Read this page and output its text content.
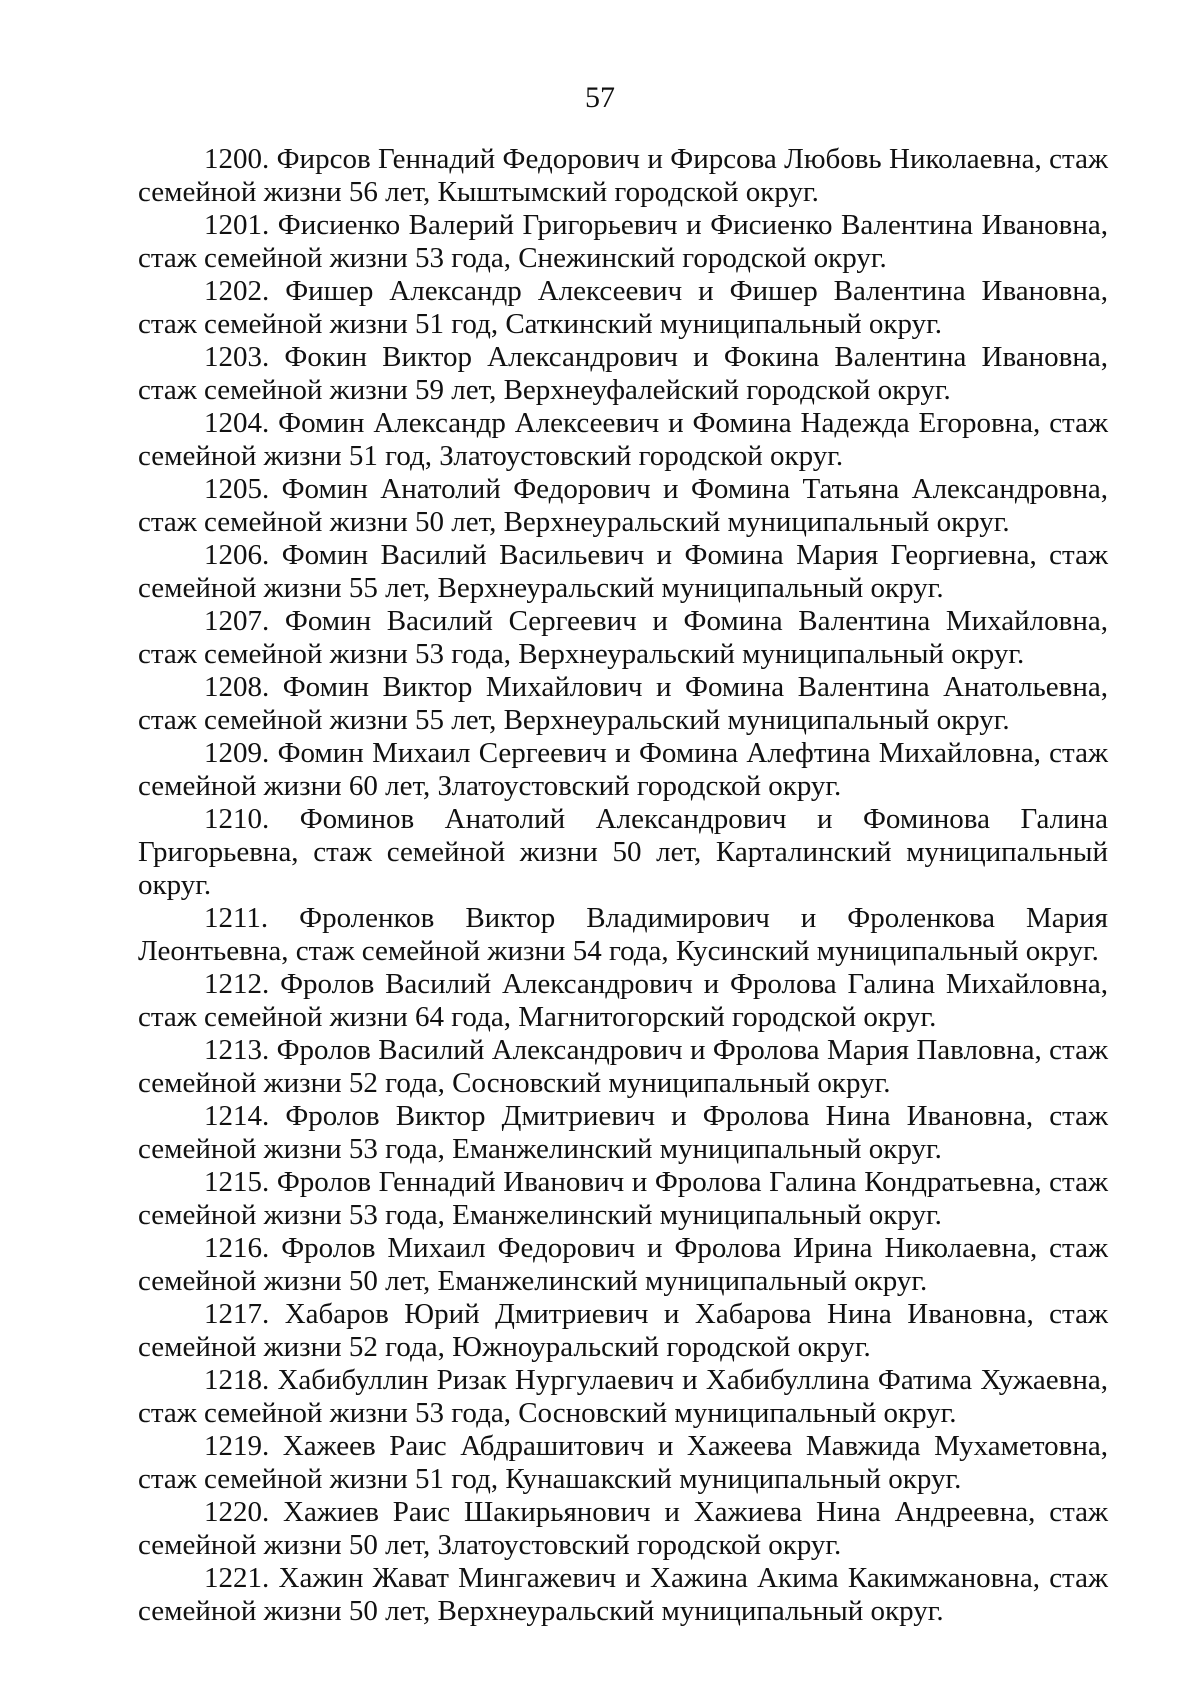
57

1200. Фирсов Геннадий Федорович и Фирсова Любовь Николаевна, стаж семейной жизни 56 лет, Кыштымский городской округ.

1201. Фисиенко Валерий Григорьевич и Фисиенко Валентина Ивановна, стаж семейной жизни 53 года, Снежинский городской округ.

1202. Фишер Александр Алексеевич и Фишер Валентина Ивановна, стаж семейной жизни 51 год, Саткинский муниципальный округ.

1203. Фокин Виктор Александрович и Фокина Валентина Ивановна, стаж семейной жизни 59 лет, Верхнеуфалейский городской округ.

1204. Фомин Александр Алексеевич и Фомина Надежда Егоровна, стаж семейной жизни 51 год, Златоустовский городской округ.

1205. Фомин Анатолий Федорович и Фомина Татьяна Александровна, стаж семейной жизни 50 лет, Верхнеуральский муниципальный округ.

1206. Фомин Василий Васильевич и Фомина Мария Георгиевна, стаж семейной жизни 55 лет, Верхнеуральский муниципальный округ.

1207. Фомин Василий Сергеевич и Фомина Валентина Михайловна, стаж семейной жизни 53 года, Верхнеуральский муниципальный округ.

1208. Фомин Виктор Михайлович и Фомина Валентина Анатольевна, стаж семейной жизни 55 лет, Верхнеуральский муниципальный округ.

1209. Фомин Михаил Сергеевич и Фомина Алефтина Михайловна, стаж семейной жизни 60 лет, Златоустовский городской округ.

1210. Фоминов Анатолий Александрович и Фоминова Галина Григорьевна, стаж семейной жизни 50 лет, Карталинский муниципальный округ.

1211. Фроленков Виктор Владимирович и Фроленкова Мария Леонтьевна, стаж семейной жизни 54 года, Кусинский муниципальный округ.

1212. Фролов Василий Александрович и Фролова Галина Михайловна, стаж семейной жизни 64 года, Магнитогорский городской округ.

1213. Фролов Василий Александрович и Фролова Мария Павловна, стаж семейной жизни 52 года, Сосновский муниципальный округ.

1214. Фролов Виктор Дмитриевич и Фролова Нина Ивановна, стаж семейной жизни 53 года, Еманжелинский муниципальный округ.

1215. Фролов Геннадий Иванович и Фролова Галина Кондратьевна, стаж семейной жизни 53 года, Еманжелинский муниципальный округ.

1216. Фролов Михаил Федорович и Фролова Ирина Николаевна, стаж семейной жизни 50 лет, Еманжелинский муниципальный округ.

1217. Хабаров Юрий Дмитриевич и Хабарова Нина Ивановна, стаж семейной жизни 52 года, Южноуральский городской округ.

1218. Хабибуллин Ризак Нургулаевич и Хабибуллина Фатима Хужаевна, стаж семейной жизни 53 года, Сосновский муниципальный округ.

1219. Хажеев Раис Абдрашитович и Хажеева Мавжида Мухаметовна, стаж семейной жизни 51 год, Кунашакский муниципальный округ.

1220. Хажиев Раис Шакирьянович и Хажиева Нина Андреевна, стаж семейной жизни 50 лет, Златоустовский городской округ.

1221. Хажин Жават Мингажевич и Хажина Акима Какимжановна, стаж семейной жизни 50 лет, Верхнеуральский муниципальный округ.
